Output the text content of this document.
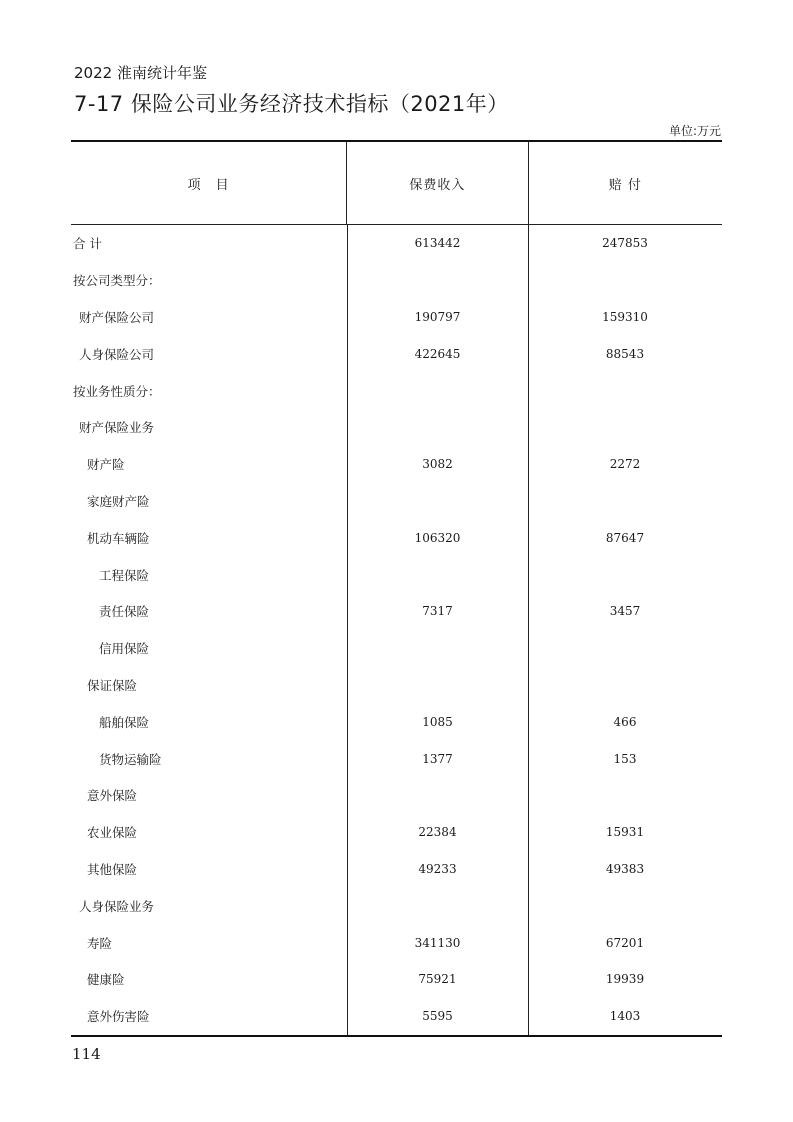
2022 淮南统计年鉴
7-17 保险公司业务经济技术指标（2021年）
单位:万元
项　目	保费收入	赔 付
合 计	613442	247853
按公司类型分：
财产保险公司	190797	159310
人身保险公司	422645	88543
按业务性质分：
财产保险业务
财产险	3082	2272
家庭财产险
机动车辆险	106320	87647
工程保险
责任保险	7317	3457
信用保险
保证保险
船舶保险	1085	466
货物运输险	1377	153
意外保险
农业保险	22384	15931
其他保险	49233	49383
人身保险业务
寿险	341130	67201
健康险	75921	19939
意外伤害险	5595	1403
114
